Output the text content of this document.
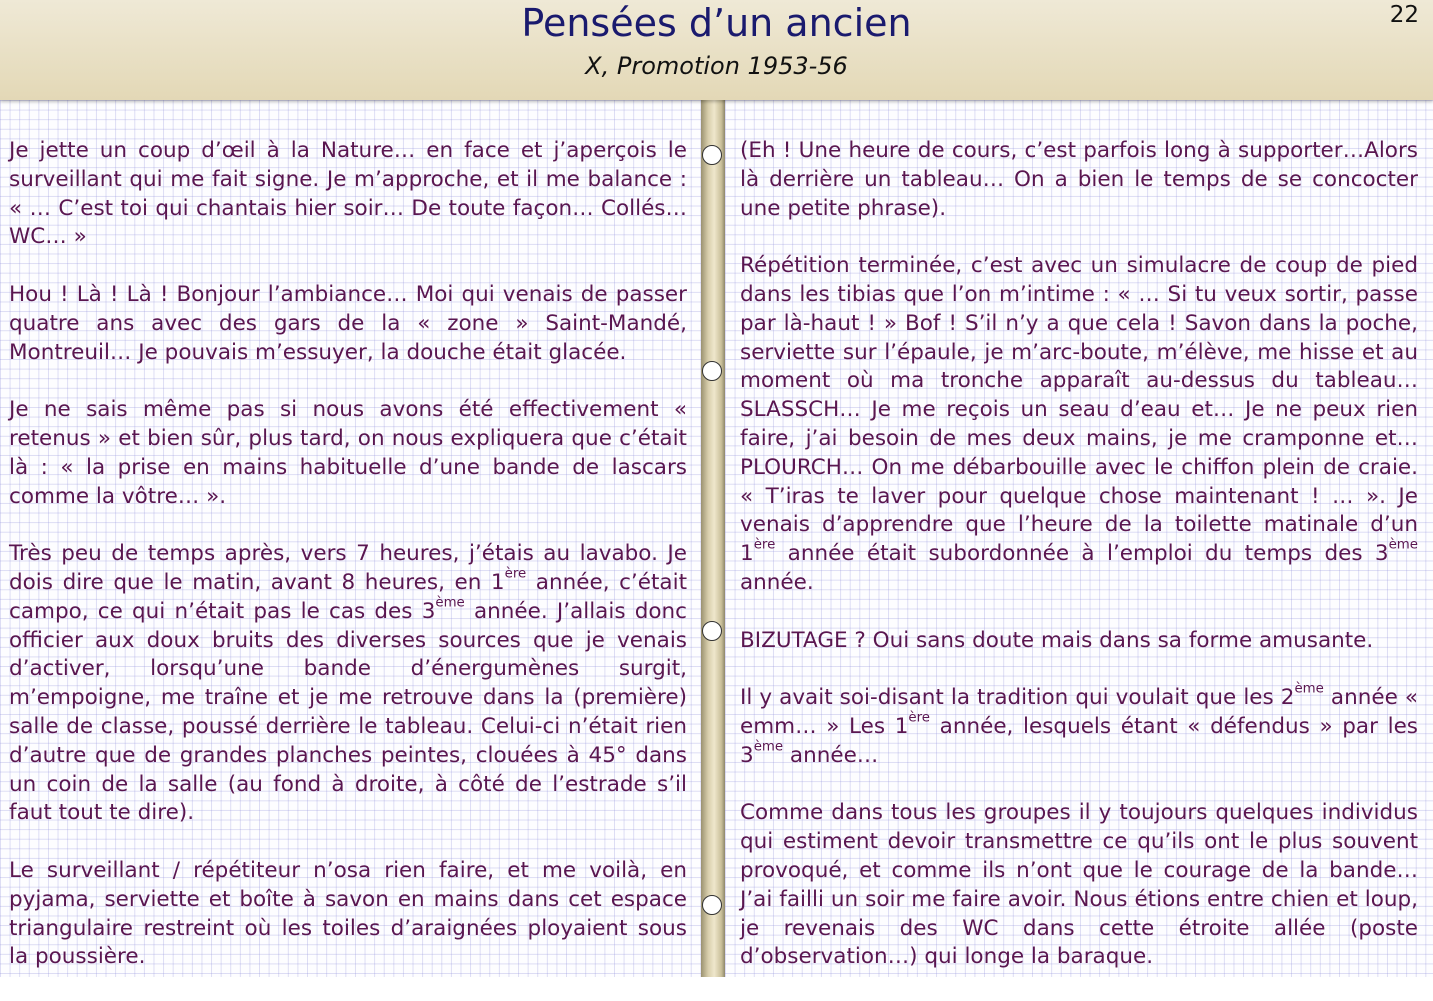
Pensées d’un ancien
X, Promotion 1953-56
22

Je jette un coup d’œil à la Nature… en face et j’aperçois le surveillant qui me fait signe. Je m’approche, et il me balance : « … C’est toi qui chantais hier soir… De toute façon… Collés… WC… »

Hou ! Là ! Là ! Bonjour l’ambiance… Moi qui venais de passer quatre ans avec des gars de la « zone » Saint-Mandé, Montreuil… Je pouvais m’essuyer, la douche était glacée.

Je ne sais même pas si nous avons été effectivement « retenus » et bien sûr, plus tard, on nous expliquera que c’était là : « la prise en mains habituelle d’une bande de lascars comme la vôtre… ».

Très peu de temps après, vers 7 heures, j’étais au lavabo. Je dois dire que le matin, avant 8 heures, en 1ère année, c’était campo, ce qui n’était pas le cas des 3ème année. J’allais donc officier aux doux bruits des diverses sources que je venais d’activer, lorsqu’une bande d’énergumènes surgit, m’empoigne, me traîne et je me retrouve dans la (première) salle de classe, poussé derrière le tableau. Celui-ci n’était rien d’autre que de grandes planches peintes, clouées à 45° dans un coin de la salle (au fond à droite, à côté de l’estrade s’il faut tout te dire).

Le surveillant / répétiteur n’osa rien faire, et me voilà, en pyjama, serviette et boîte à savon en mains dans cet espace triangulaire restreint où les toiles d’araignées ployaient sous la poussière.

(Eh ! Une heure de cours, c’est parfois long à supporter…Alors là derrière un tableau… On a bien le temps de se concocter une petite phrase).

Répétition terminée, c’est avec un simulacre de coup de pied dans les tibias que l’on m’intime : « … Si tu veux sortir, passe par là-haut ! » Bof ! S’il n’y a que cela ! Savon dans la poche, serviette sur l’épaule, je m’arc-boute, m’élève, me hisse et au moment où ma tronche apparaît au-dessus du tableau… SLASSCH… Je me reçois un seau d’eau et… Je ne peux rien faire, j’ai besoin de mes deux mains, je me cramponne et… PLOURCH… On me débarbouille avec le chiffon plein de craie. « T’iras te laver pour quelque chose maintenant ! … ». Je venais d’apprendre que l’heure de la toilette matinale d’un 1ère année était subordonnée à l’emploi du temps des 3ème année.

BIZUTAGE ? Oui sans doute mais dans sa forme amusante.

Il y avait soi-disant la tradition qui voulait que les 2ème année « emm… » Les 1ère année, lesquels étant « défendus » par les 3ème année…

Comme dans tous les groupes il y toujours quelques individus qui estiment devoir transmettre ce qu’ils ont le plus souvent provoqué, et comme ils n’ont que le courage de la bande… J’ai failli un soir me faire avoir. Nous étions entre chien et loup, je revenais des WC dans cette étroite allée (poste d’observation…) qui longe la baraque.
